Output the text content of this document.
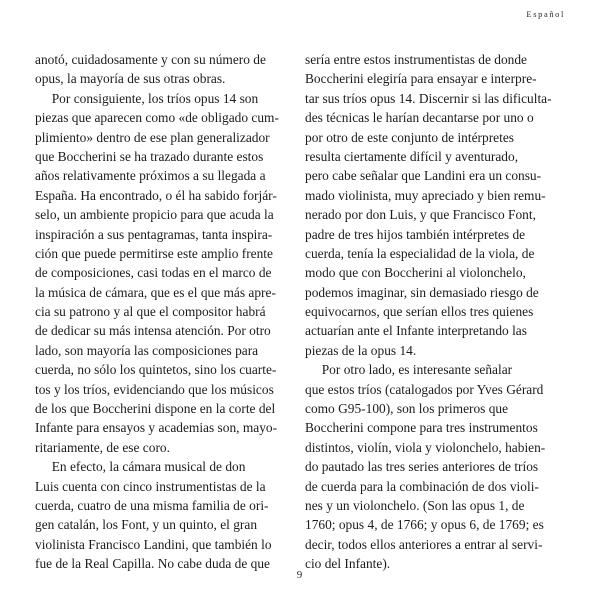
Español
anotó, cuidadosamente y con su número de
opus, la mayoría de sus otras obras.
  Por consiguiente, los tríos opus 14 son
piezas que aparecen como «de obligado cum-
plimiento» dentro de ese plan generalizador
que Boccherini se ha trazado durante estos
años relativamente próximos a su llegada a
España. Ha encontrado, o él ha sabido forjár-
selo, un ambiente propicio para que acuda la
inspiración a sus pentagramas, tanta inspira-
ción que puede permitirse este amplio frente
de composiciones, casi todas en el marco de
la música de cámara, que es el que más apre-
cia su patrono y al que el compositor habrá
de dedicar su más intensa atención. Por otro
lado, son mayoría las composiciones para
cuerda, no sólo los quintetos, sino los cuarte-
tos y los tríos, evidenciando que los músicos
de los que Boccherini dispone en la corte del
Infante para ensayos y academias son, mayo-
ritariamente, de ese coro.
  En efecto, la cámara musical de don
Luis cuenta con cinco instrumentistas de la
cuerda, cuatro de una misma familia de ori-
gen catalán, los Font, y un quinto, el gran
violinista Francisco Landini, que también lo
fue de la Real Capilla. No cabe duda de que
sería entre estos instrumentistas de donde
Boccherini elegiría para ensayar e interpre-
tar sus tríos opus 14. Discernir si las dificulta-
des técnicas le harían decantarse por uno o
por otro de este conjunto de intérpretes
resulta ciertamente difícil y aventurado,
pero cabe señalar que Landini era un consu-
mado violinista, muy apreciado y bien remu-
nerado por don Luis, y que Francisco Font,
padre de tres hijos también intérpretes de
cuerda, tenía la especialidad de la viola, de
modo que con Boccherini al violonchelo,
podemos imaginar, sin demasiado riesgo de
equivocarnos, que serían ellos tres quienes
actuarían ante el Infante interpretando las
piezas de la opus 14.
  Por otro lado, es interesante señalar
que estos tríos (catalogados por Yves Gérard
como G95-100), son los primeros que
Boccherini compone para tres instrumentos
distintos, violín, viola y violonchelo, habien-
do pautado las tres series anteriores de tríos
de cuerda para la combinación de dos violi-
nes y un violonchelo. (Son las opus 1, de
1760; opus 4, de 1766; y opus 6, de 1769; es
decir, todos ellos anteriores a entrar al servi-
cio del Infante).
9
